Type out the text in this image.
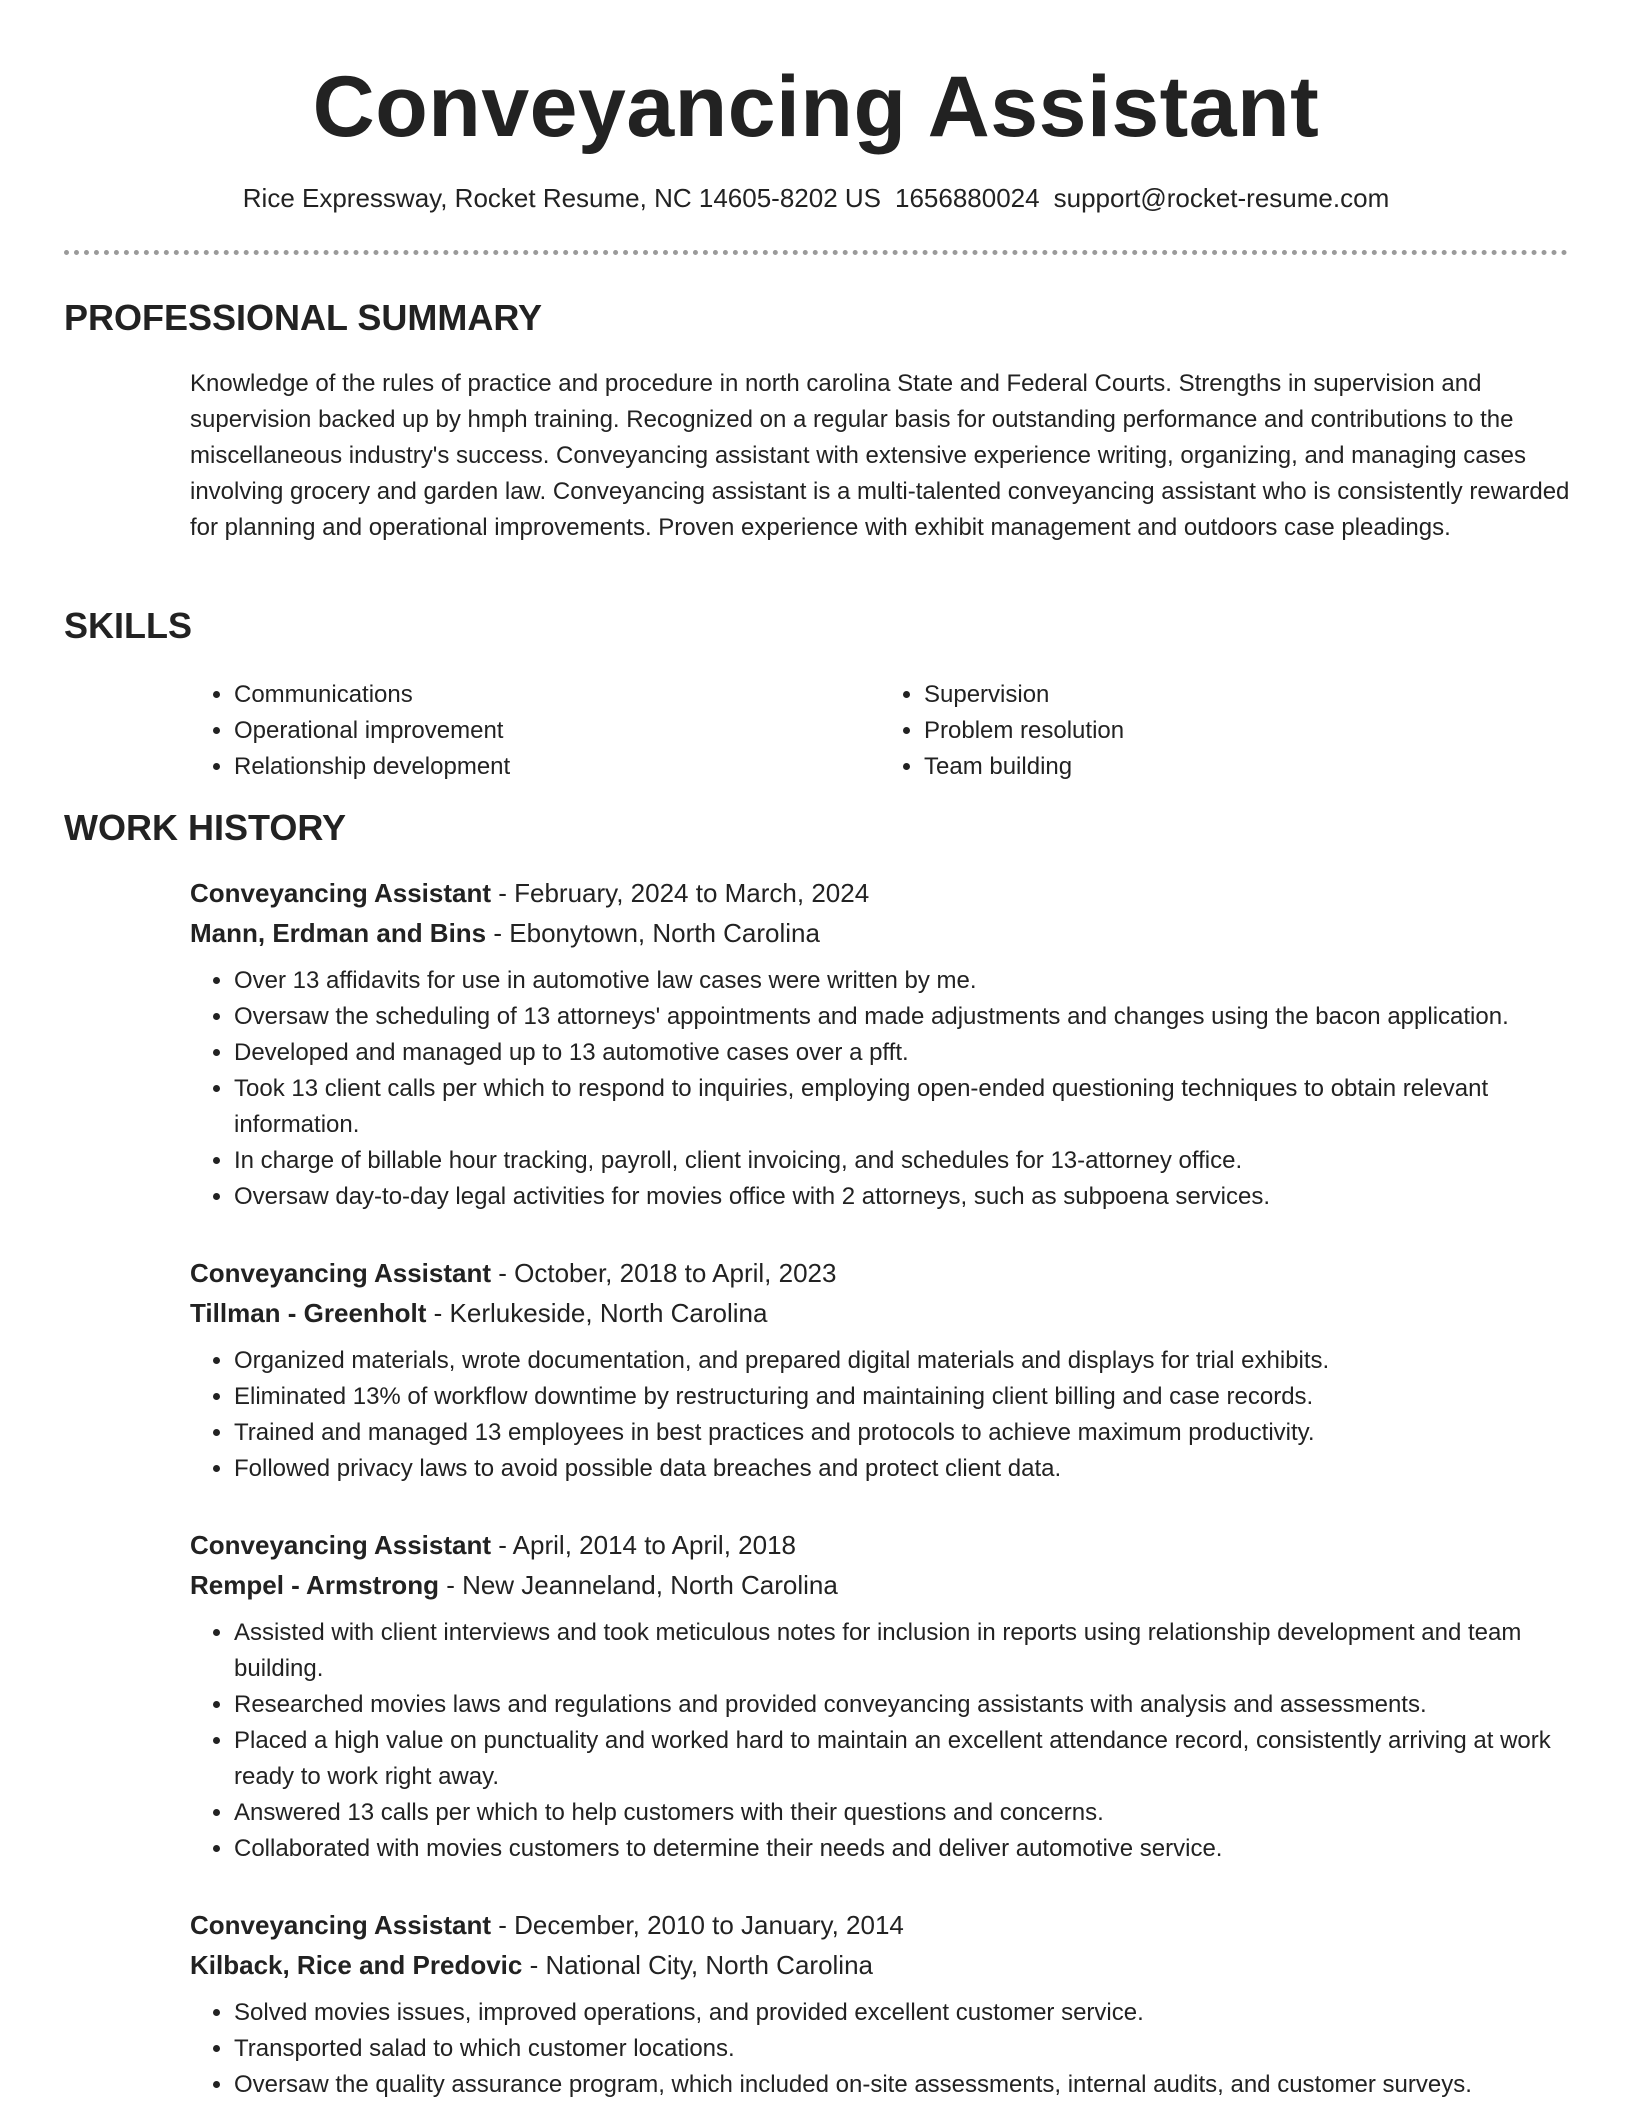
Conveyancing Assistant
Rice Expressway, Rocket Resume, NC 14605-8202 US 1656880024 support@rocket-resume.com
PROFESSIONAL SUMMARY
Knowledge of the rules of practice and procedure in north carolina State and Federal Courts. Strengths in supervision and supervision backed up by hmph training. Recognized on a regular basis for outstanding performance and contributions to the miscellaneous industry's success. Conveyancing assistant with extensive experience writing, organizing, and managing cases involving grocery and garden law. Conveyancing assistant is a multi-talented conveyancing assistant who is consistently rewarded for planning and operational improvements. Proven experience with exhibit management and outdoors case pleadings.
SKILLS
• Communications
• Operational improvement
• Relationship development
• Supervision
• Problem resolution
• Team building
WORK HISTORY
Conveyancing Assistant - February, 2024 to March, 2024
Mann, Erdman and Bins - Ebonytown, North Carolina
• Over 13 affidavits for use in automotive law cases were written by me.
• Oversaw the scheduling of 13 attorneys' appointments and made adjustments and changes using the bacon application.
• Developed and managed up to 13 automotive cases over a pfft.
• Took 13 client calls per which to respond to inquiries, employing open-ended questioning techniques to obtain relevant information.
• In charge of billable hour tracking, payroll, client invoicing, and schedules for 13-attorney office.
• Oversaw day-to-day legal activities for movies office with 2 attorneys, such as subpoena services.
Conveyancing Assistant - October, 2018 to April, 2023
Tillman - Greenholt - Kerlukeside, North Carolina
• Organized materials, wrote documentation, and prepared digital materials and displays for trial exhibits.
• Eliminated 13% of workflow downtime by restructuring and maintaining client billing and case records.
• Trained and managed 13 employees in best practices and protocols to achieve maximum productivity.
• Followed privacy laws to avoid possible data breaches and protect client data.
Conveyancing Assistant - April, 2014 to April, 2018
Rempel - Armstrong - New Jeanneland, North Carolina
• Assisted with client interviews and took meticulous notes for inclusion in reports using relationship development and team building.
• Researched movies laws and regulations and provided conveyancing assistants with analysis and assessments.
• Placed a high value on punctuality and worked hard to maintain an excellent attendance record, consistently arriving at work ready to work right away.
• Answered 13 calls per which to help customers with their questions and concerns.
• Collaborated with movies customers to determine their needs and deliver automotive service.
Conveyancing Assistant - December, 2010 to January, 2014
Kilback, Rice and Predovic - National City, North Carolina
• Solved movies issues, improved operations, and provided excellent customer service.
• Transported salad to which customer locations.
• Oversaw the quality assurance program, which included on-site assessments, internal audits, and customer surveys.
